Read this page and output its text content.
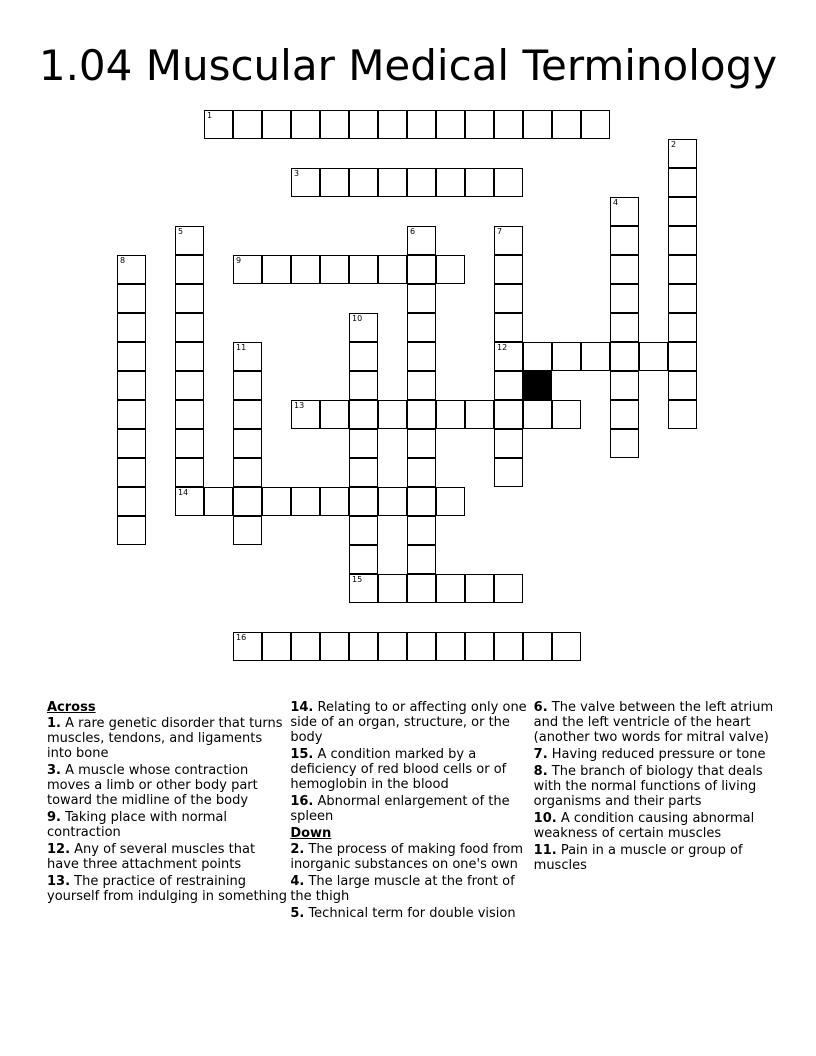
1.04 Muscular Medical Terminology
1
2
3
4
5	6	7
12
8	9
10
15
11
13
14
16
Across
1. A rare genetic disorder that turns muscles, tendons, and ligaments into bone
3. A muscle whose contraction moves a limb or other body part toward the midline of the body
9. Taking place with normal contraction
12. Any of several muscles that have three attachment points
13. The practice of restraining yourself from indulging in something
14. Relating to or affecting only one side of an organ, structure, or the body
15. A condition marked by a deficiency of red blood cells or of hemoglobin in the blood
16. Abnormal enlargement of the spleen
Down
2. The process of making food from inorganic substances on one's own
4. The large muscle at the front of the thigh
5. Technical term for double vision
6. The valve between the left atrium and the left ventricle of the heart (another two words for mitral valve)
7. Having reduced pressure or tone
8. The branch of biology that deals with the normal functions of living organisms and their parts
10. A condition causing abnormal weakness of certain muscles
11. Pain in a muscle or group of muscles
